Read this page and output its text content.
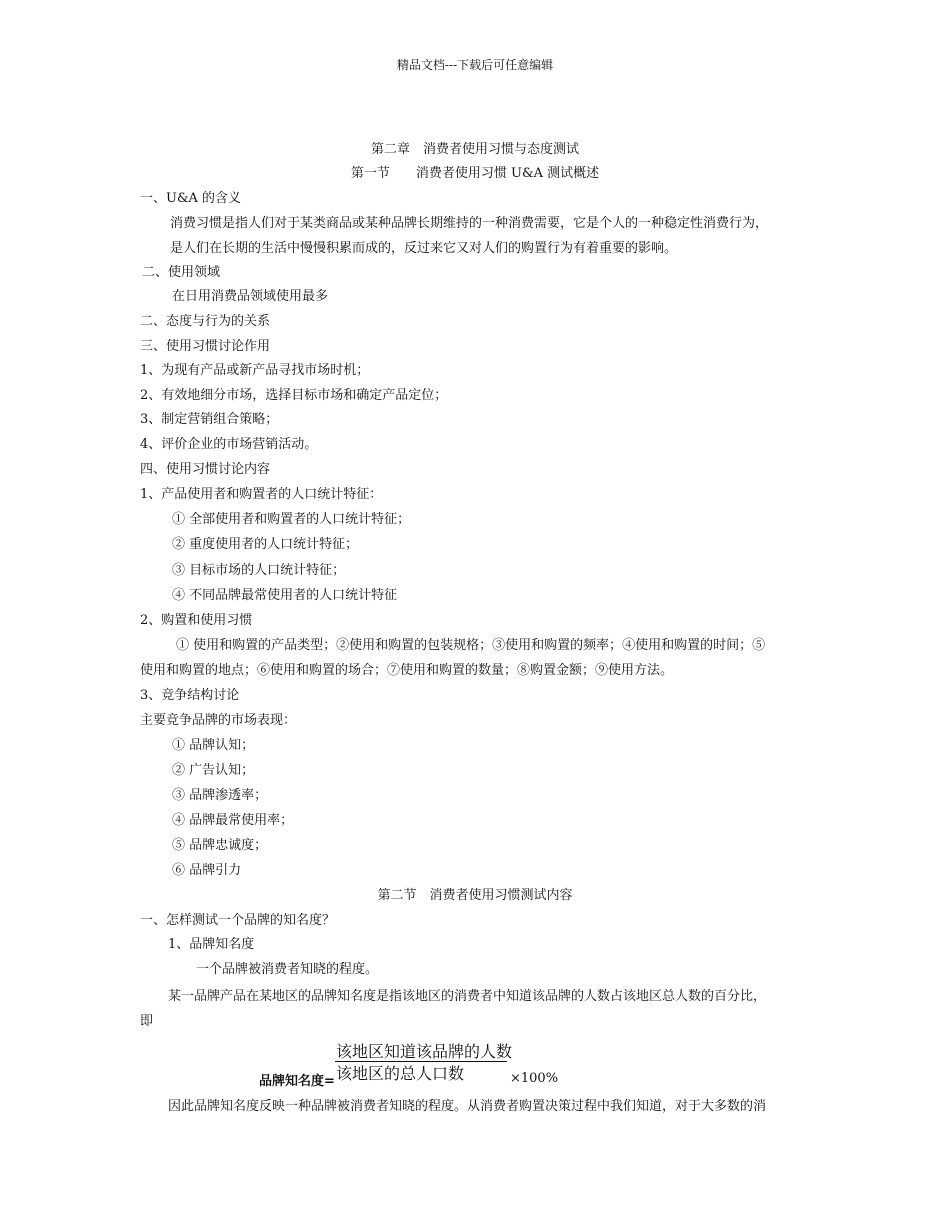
精品文档---下载后可任意编辑
第二章　消费者使用习惯与态度测试
第一节　　消费者使用习惯 U&A 测试概述
一、U&A 的含义
消费习惯是指人们对于某类商品或某种品牌长期维持的一种消费需要，它是个人的一种稳定性消费行为，
是人们在长期的生活中慢慢积累而成的，反过来它又对人们的购置行为有着重要的影响。
二、使用领域
在日用消费品领域使用最多
二、态度与行为的关系
三、使用习惯讨论作用
1、为现有产品或新产品寻找市场时机；
2、有效地细分市场，选择目标市场和确定产品定位；
3、制定营销组合策略；
4、评价企业的市场营销活动。
四、使用习惯讨论内容
1、产品使用者和购置者的人口统计特征：
① 全部使用者和购置者的人口统计特征；
② 重度使用者的人口统计特征；
③ 目标市场的人口统计特征；
④ 不同品牌最常使用者的人口统计特征
2、购置和使用习惯
① 使用和购置的产品类型；②使用和购置的包装规格；③使用和购置的频率；④使用和购置的时间；⑤
使用和购置的地点；⑥使用和购置的场合；⑦使用和购置的数量；⑧购置金额；⑨使用方法。
3、竞争结构讨论
主要竞争品牌的市场表现：
① 品牌认知；
② 广告认知；
③ 品牌渗透率；
④ 品牌最常使用率；
⑤ 品牌忠诚度；
⑥ 品牌引力
第二节　消费者使用习惯测试内容
一、怎样测试一个品牌的知名度？
1、品牌知名度
一个品牌被消费者知晓的程度。
某一品牌产品在某地区的品牌知名度是指该地区的消费者中知道该品牌的人数占该地区总人数的百分比，
即
该地区知道该品牌的人数
该地区的总人口数
品牌知名度=	×100%
因此品牌知名度反映一种品牌被消费者知晓的程度。从消费者购置决策过程中我们知道，对于大多数的消
